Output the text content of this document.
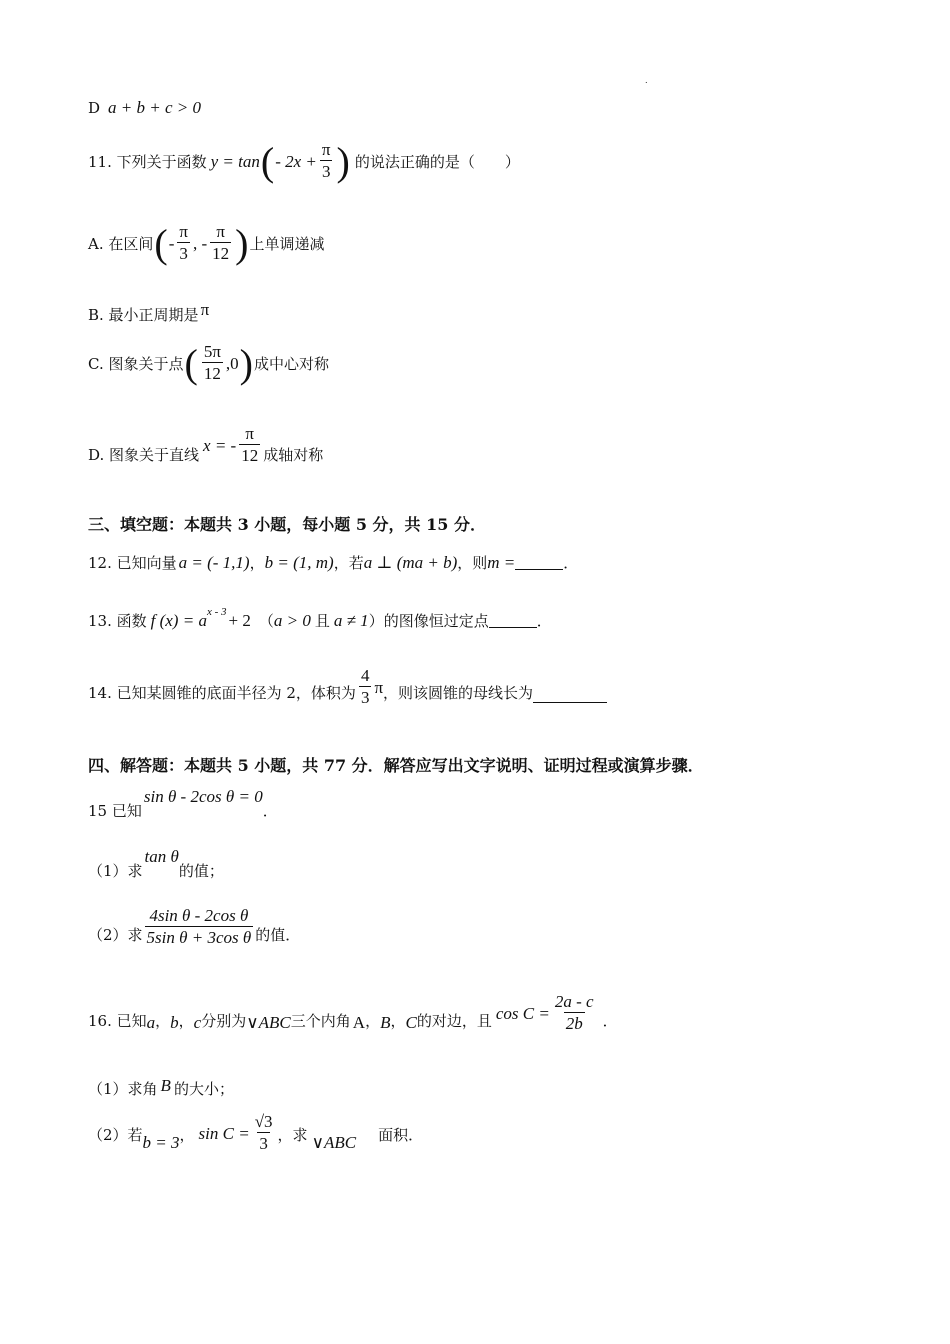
.
D a + b + c > 0
11. 下列关于函数 y = tan ( - $2x + \frac{\pi}{3}$ ) 的说法正确的是（　　）
A. 在区间 ( - $\frac{\pi}{3}$ , - $\frac{\pi}{12}$ ) 上单调递减
B. 最小正周期是 π
C. 图象关于点 ( $\frac{5\pi}{12} ,0$ ) 成中心对称
D. 图象关于直线
x = - $\frac{\pi}{12}$ 成轴对称
三、填空题：本题共 3 小题，每小题 5 分，共 15 分．
12. 已知向量 a = (- 1,1) ， b = (1, m) ，若 a ⊥ (ma + b) ，则 m =	．
13. 函数 f (x) = a x - 3 + 2 （ a > 0 且 a ≠ 1 ）的图像恒过定点	．
14. 已知某圆锥的底面半径为 2，体积为 $\frac{4}{3}$ π ，则该圆锥的母线长为
四、解答题：本题共 5 小题，共 77 分．解答应写出文字说明、证明过程或演算步骤．
15 已知
sin θ - 2cos θ = 0
．
（1）求
tan θ
的值；
（2）求 $\frac{\text{4sin θ - 2cos θ}}{\text{5sin θ + 3cos θ}}$ 的值．
16. 已知 a ， b ， c 分别为 ∨ABC 三个内角 A ， B ， C 的对边，且 $\cos C = \frac{2a - c}{2b}$ ．
（1）求角 B 的大小；
（2）若 b = 3 ， $\sin C = \frac{√3}{3}$ ，求 ∨ABC 面积．
